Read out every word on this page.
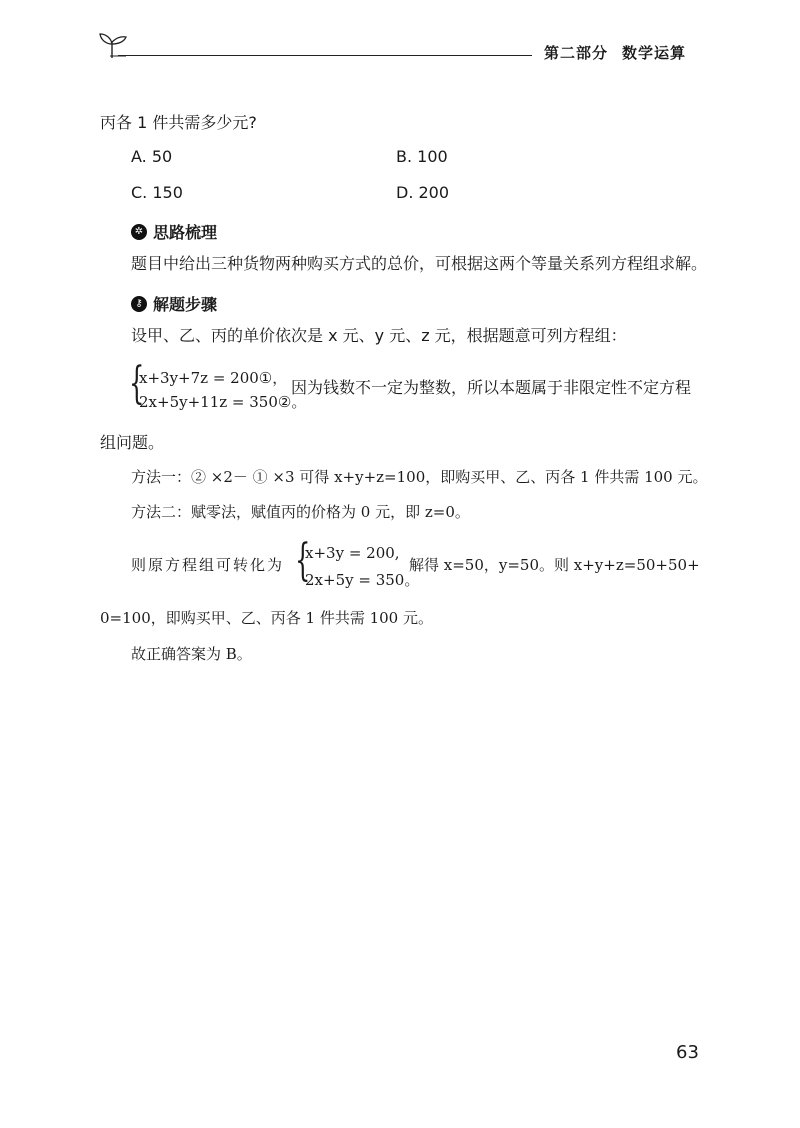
第二部分 数学运算
丙各 1 件共需多少元?
A. 50	B. 100
C. 150	D. 200
✲ 思路梳理
题目中给出三种货物两种购买方式的总价，可根据这两个等量关系列方程组求解。
⚷ 解题步骤
设甲、乙、丙的单价依次是 x 元、y 元、z 元，根据题意可列方程组：
{
x+3y+7z = 200①，
2x+5y+11z = 350②。
因为钱数不一定为整数，所以本题属于非限定性不定方程
组问题。
方法一：② ×2－ ① ×3 可得 x+y+z=100，即购买甲、乙、丙各 1 件共需 100 元。
方法二：赋零法，赋值丙的价格为 0 元，即 z=0。
则原方程组可转化为 {
x+3y = 200,
2x+5y = 350。
解得 x=50，y=50。则 x+y+z=50+50+
0=100，即购买甲、乙、丙各 1 件共需 100 元。
故正确答案为 B。
63
